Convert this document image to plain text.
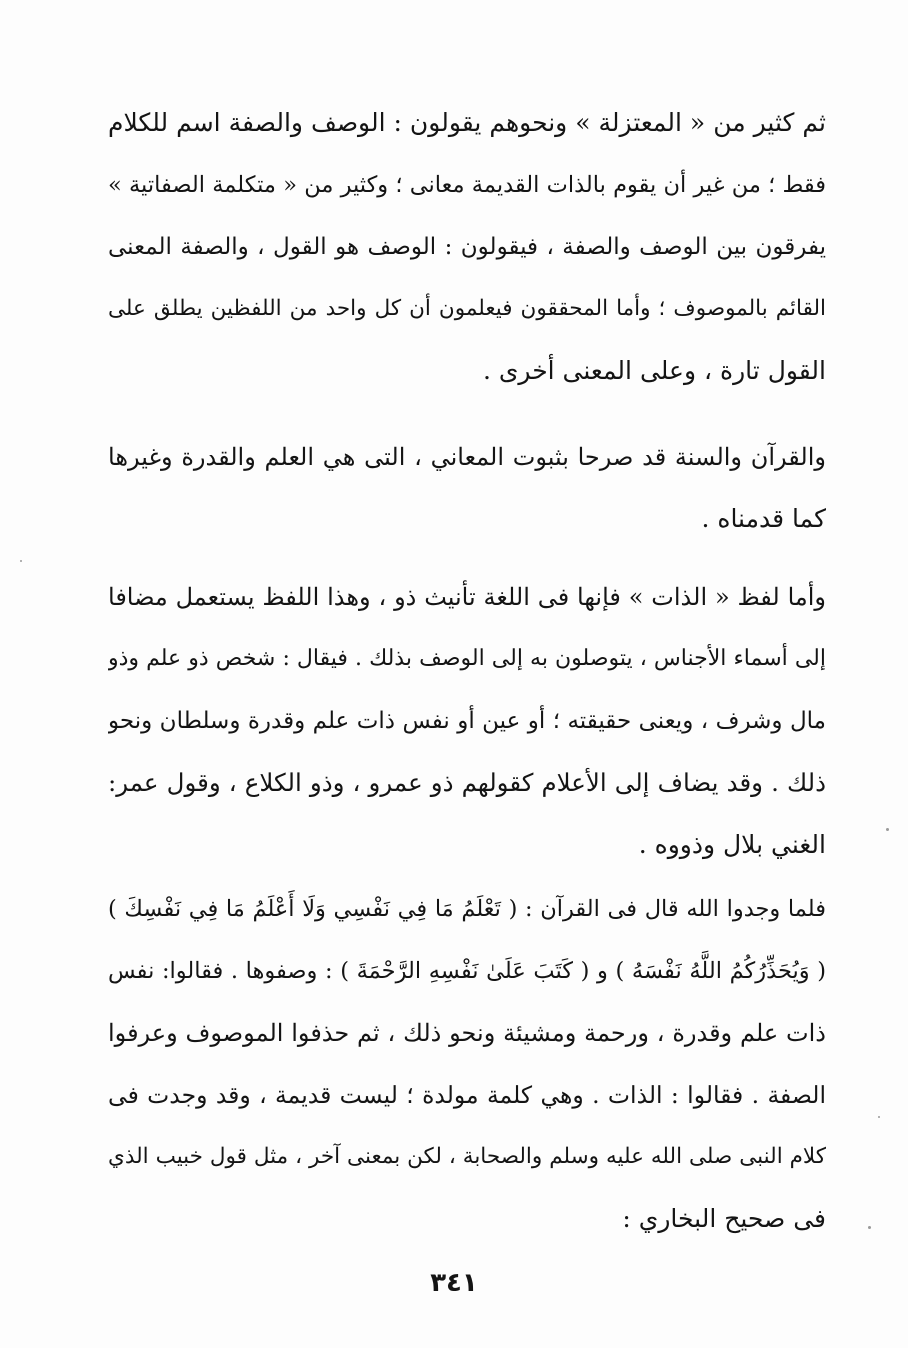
ثم كثير من « المعتزلة » ونحوهم يقولون : الوصف والصفة اسم للكلام
فقط ؛ من غير أن يقوم بالذات القديمة معانى ؛ وكثير من « متكلمة الصفاتية »
يفرقون بين الوصف والصفة ، فيقولون : الوصف هو القول ، والصفة المعنى
القائم بالموصوف ؛ وأما المحققون فيعلمون أن كل واحد من اللفظين يطلق على
القول تارة ، وعلى المعنى أخرى .
والقرآن والسنة قد صرحا بثبوت المعاني ، التى هي العلم والقدرة وغيرها
كما قدمناه .
وأما لفظ « الذات » فإنها فى اللغة تأنيث ذو ، وهذا اللفظ يستعمل مضافا
إلى أسماء الأجناس ، يتوصلون به إلى الوصف بذلك . فيقال : شخص ذو علم وذو
مال وشرف ، ويعنى حقيقته ؛ أو عين أو نفس ذات علم وقدرة وسلطان ونحو
ذلك . وقد يضاف إلى الأعلام كقولهم ذو عمرو ، وذو الكلاع ، وقول عمر:
الغني بلال وذووه .
فلما وجدوا الله قال فى القرآن : ( تَعْلَمُ مَا فِي نَفْسِي وَلَا أَعْلَمُ مَا فِي نَفْسِكَ )
( وَيُحَذِّرُكُمُ اللَّهُ نَفْسَهُ ) و ( كَتَبَ عَلَىٰ نَفْسِهِ الرَّحْمَةَ ) : وصفوها . فقالوا: نفس
ذات علم وقدرة ، ورحمة ومشيئة ونحو ذلك ، ثم حذفوا الموصوف وعرفوا
الصفة . فقالوا : الذات . وهي كلمة مولدة ؛ ليست قديمة ، وقد وجدت فى
كلام النبى صلى الله عليه وسلم والصحابة ، لكن بمعنى آخر ، مثل قول خبيب الذي
فى صحيح البخاري :
٣٤١
